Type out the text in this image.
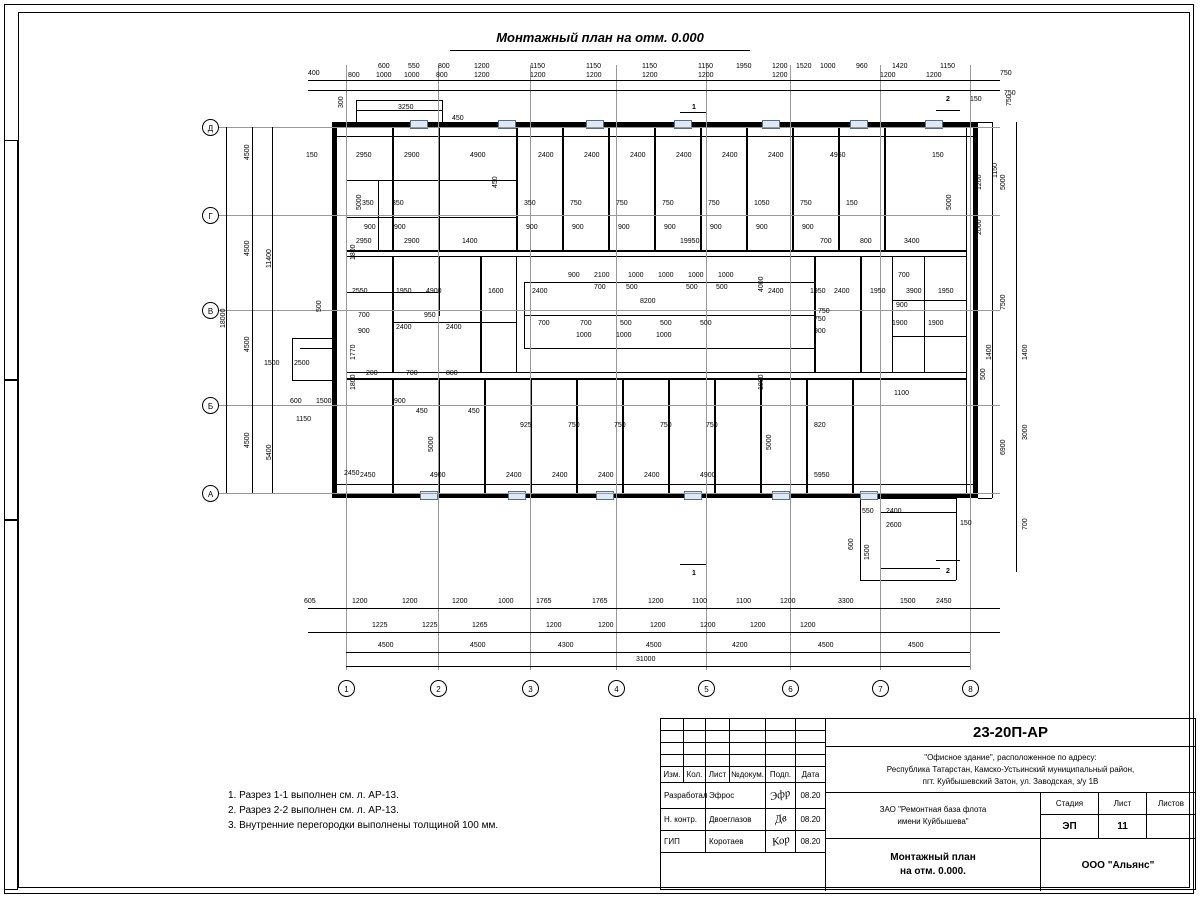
Монтажный план на отм. 0.000
Д
Г
В
Б
А
1	2	3	4	5	6	7	8
400
600	550	800	1200	1150	1150	1150	1150	1950	1200 1520 1000	960	1420	1150
750
800 1000 1000 800	1200	1200	1200	1200	1200	1200	1200	1200
150
750
4500
4500
4500
4500
11400
5400
18000
750
5000
7500
6900
3000
1400
700
605	1200	1200	1200	1000	1765	1765	1200	1100	1100	1200	3300	1500	2450
1225	1225	1265	1200	1200	1200	1200	1200	1200
4500	4500	4300	4500	4200	4500	4500
31000
1
1
2
2
3250
450
300
150	2950	2900	4900	2400	2400	2400	2400	2400	2400	4950	150
350	350	350	750	750	750	750	1050	750	150
450
900	900	900	900	900	900	900	900	900
2950	2900	1400	19950	700	800	3400
1800
5000	5000
2550	1950 4900	1600	2400
900 2100	1000 1000 1000 1000
700	500	500	500
8200
2400	1950 2400	1950
700
3900 1950
900
750
700
900
2400
950
2400
700	700	500	500	500
1000	1000	1000
900
750
1900	1900
4000
1800
1770
500
1500 2500
1800
200	700	800
600 1500
1150
2450
900
450	450
925	750	750	750	750
5000
820
1100
2450	4900	2400	2400	2400	2400	4900	5950
5000
2400
2600
550
150
600
1500
1400
500
1200
1150
2000
1. Разрез 1-1 выполнен см. л. АР-13.
2. Разрез 2-2 выполнен см. л. АР-13.
3. Внутренние перегородки выполнены толщиной 100 мм.
Изм. Кол. Лист №докум. Подп.	Дата
Разработал Эфрос	Эфр	08.20
Н. контр.	Двоеглазов	Дв	08.20
ГИП	Коротаев	Кор	08.20
23-20П-АР
"Офисное здание", расположенное по адресу:
Республика Татарстан, Камско-Устьинский муниципальный район,
пгт. Куйбышевский Затон, ул. Заводская, з/у 1В
ЗАО "Ремонтная база флота
имени Куйбышева"
Стадия	Лист	Листов
ЭП	11
Монтажный план
на отм. 0.000.
ООО "Альянс"
